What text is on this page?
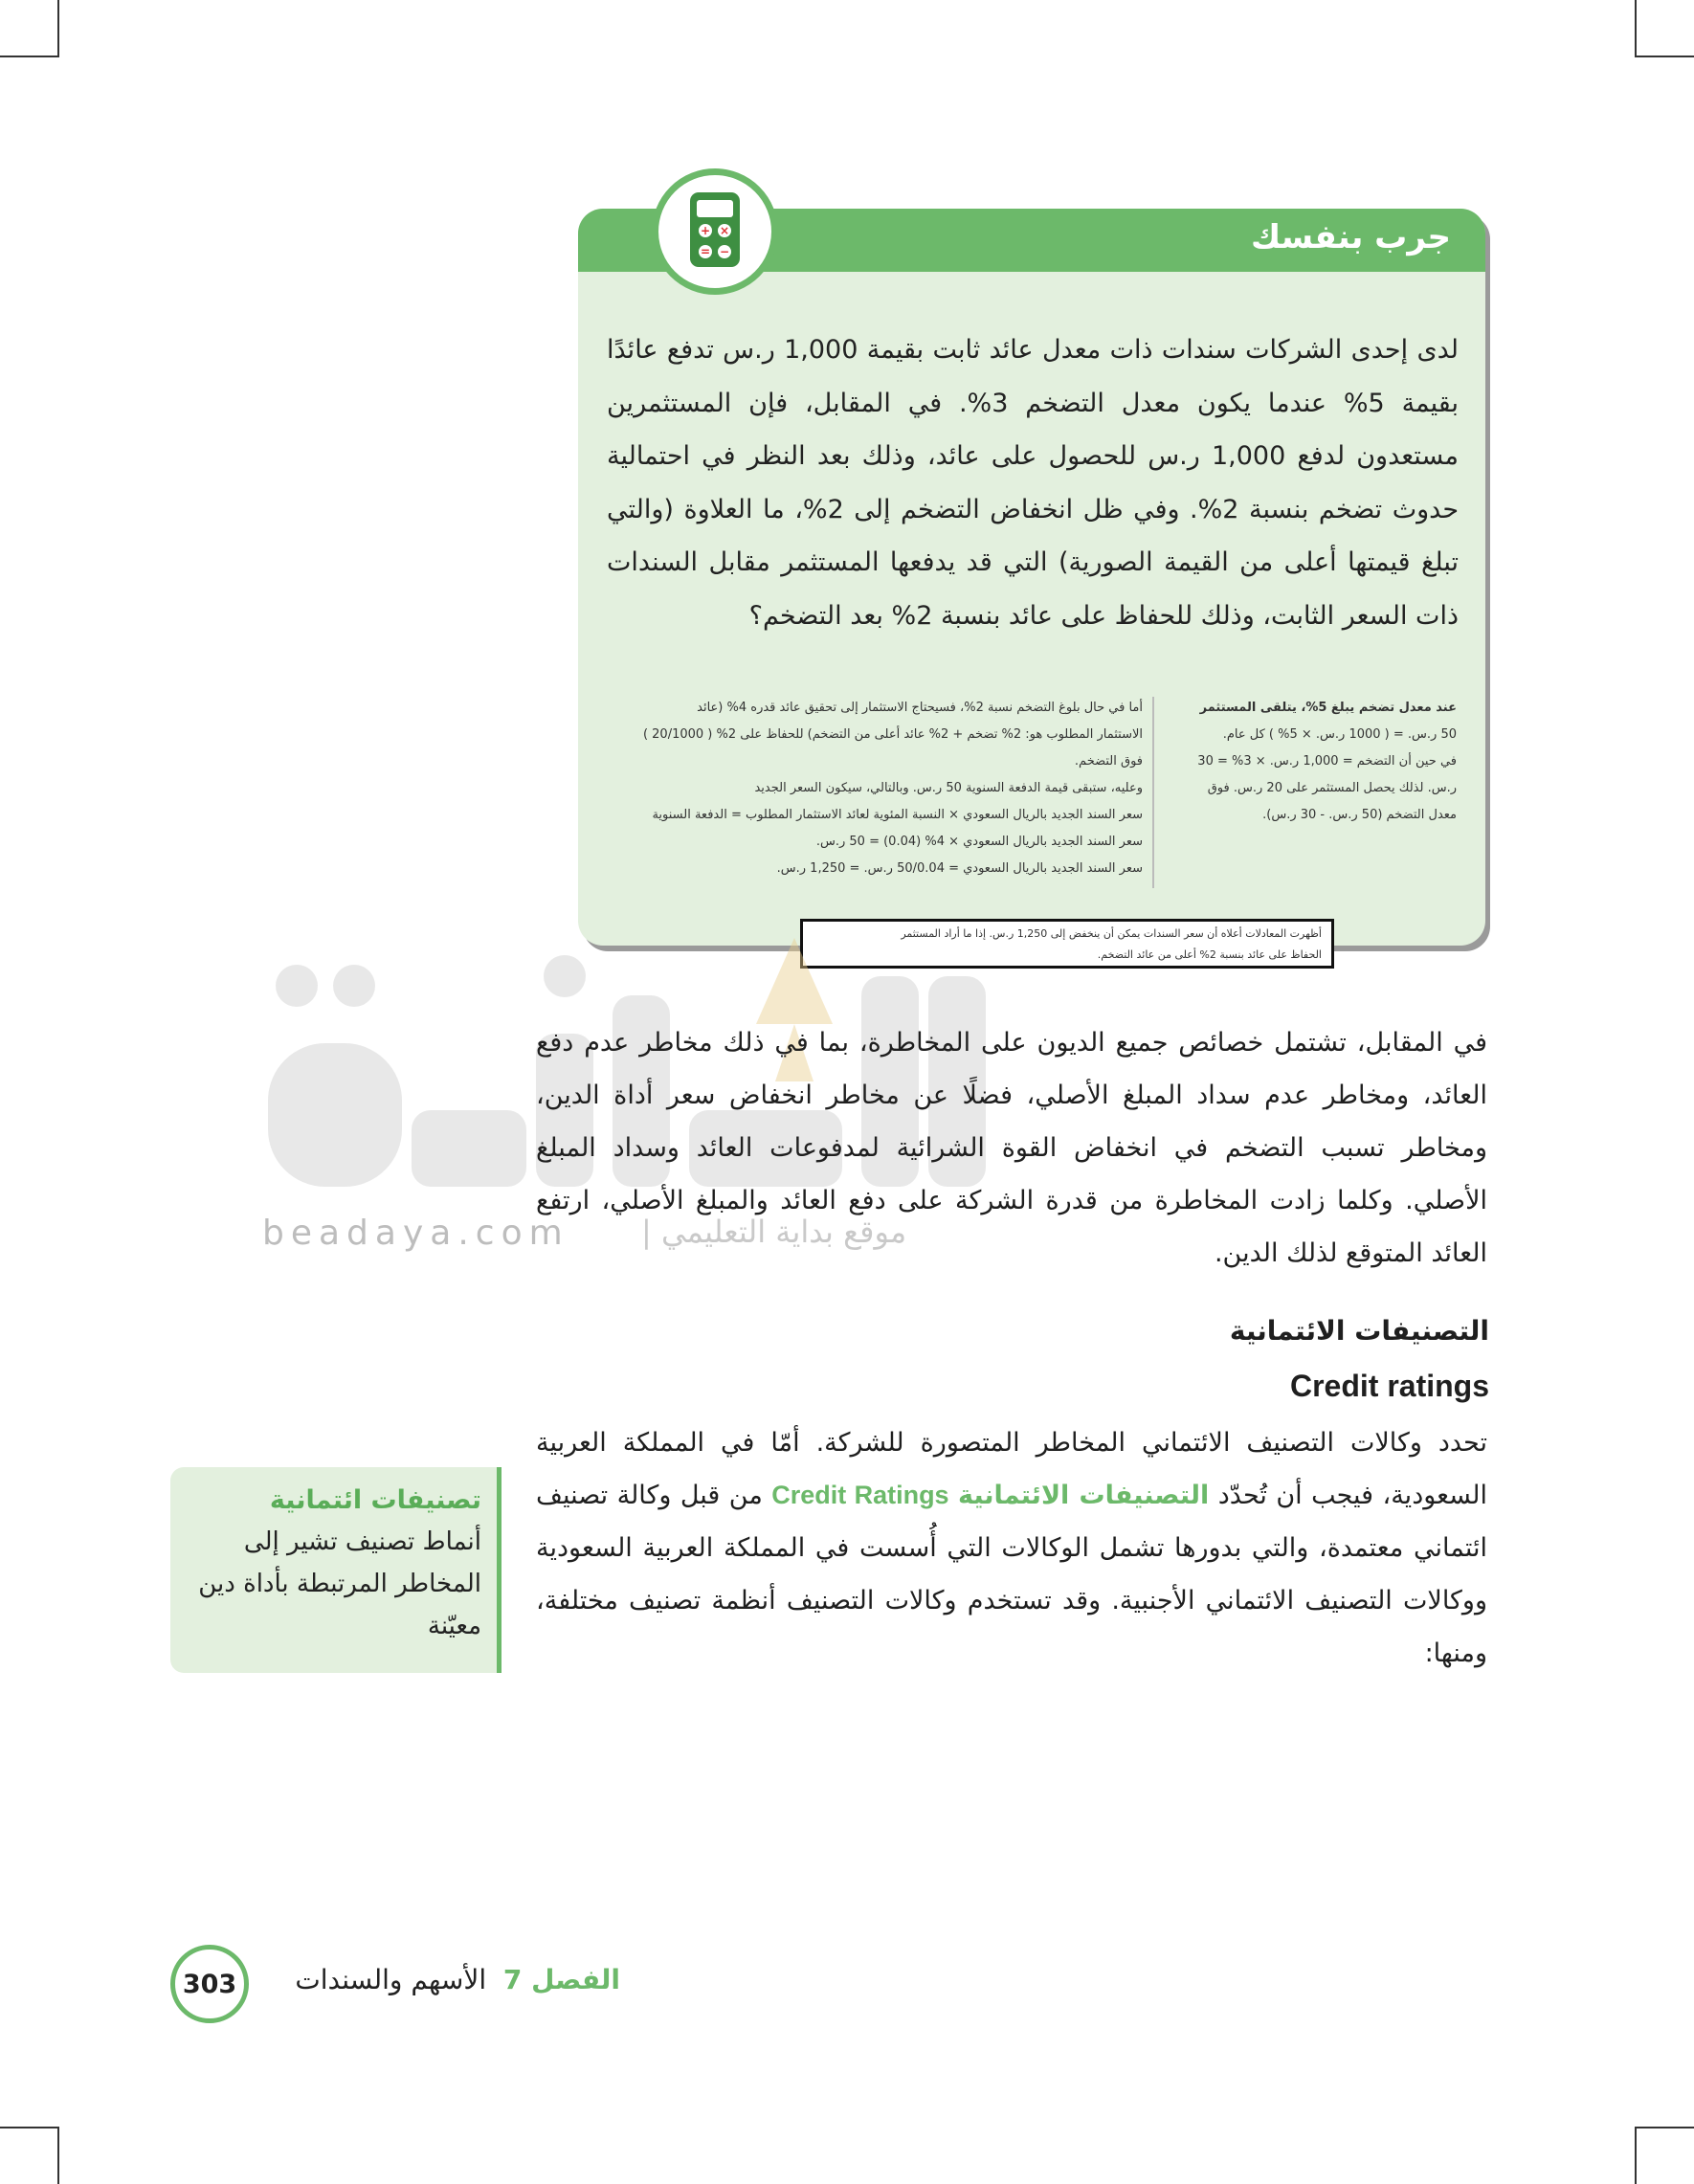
جرب بنفسك
+ ×
= −
لدى إحدى الشركات سندات ذات معدل عائد ثابت بقيمة 1,000 ر.س تدفع عائدًا بقيمة 5% عندما يكون معدل التضخم 3%. في المقابل، فإن المستثمرين مستعدون لدفع 1,000 ر.س للحصول على عائد، وذلك بعد النظر في احتمالية حدوث تضخم بنسبة 2%. وفي ظل انخفاض التضخم إلى 2%، ما العلاوة (والتي تبلغ قيمتها أعلى من القيمة الصورية) التي قد يدفعها المستثمر مقابل السندات ذات السعر الثابت، وذلك للحفاظ على عائد بنسبة 2% بعد التضخم؟

عند معدل تضخم يبلغ 5%، يتلقى المستثمر

50 ر.س. = ( 1000 ر.س. × 5% ) كل عام.

في حين أن التضخم = 1,000 ر.س. × 3% = 30

ر.س. لذلك يحصل المستثمر على 20 ر.س. فوق

معدل التضخم (50 ر.س. - 30 ر.س).

أما في حال بلوغ التضخم نسبة 2%، فسيحتاج الاستثمار إلى تحقيق عائد قدره 4% (عائد

الاستثمار المطلوب هو: 2% تضخم + 2% عائد أعلى من التضخم) للحفاظ على 2% ( 20/1000 )

فوق التضخم.

وعليه، ستبقى قيمة الدفعة السنوية 50 ر.س. وبالتالي، سيكون السعر الجديد

سعر السند الجديد بالريال السعودي × النسبة المئوية لعائد الاستثمار المطلوب = الدفعة السنوية

سعر السند الجديد بالريال السعودي × 4% (0.04) = 50 ر.س.

سعر السند الجديد بالريال السعودي = 50/0.04 ر.س. = 1,250 ر.س.

أظهرت المعادلات أعلاه أن سعر السندات يمكن أن ينخفض إلى 1,250 ر.س. إذا ما أراد المستثمر

الحفاظ على عائد بنسبة 2% أعلى من عائد التضخم.

beadaya.com موقع بداية التعليمي |
في المقابل، تشتمل خصائص جميع الديون على المخاطرة، بما في ذلك مخاطر عدم دفع العائد، ومخاطر عدم سداد المبلغ الأصلي، فضلًا عن مخاطر انخفاض سعر أداة الدين، ومخاطر تسبب التضخم في انخفاض القوة الشرائية لمدفوعات العائد وسداد المبلغ الأصلي. وكلما زادت المخاطرة من قدرة الشركة على دفع العائد والمبلغ الأصلي، ارتفع العائد المتوقع لذلك الدين.
التصنيفات الائتمانية
Credit ratings
تحدد وكالات التصنيف الائتماني المخاطر المتصورة للشركة. أمّا في المملكة العربية السعودية، فيجب أن تُحدّد التصنيفات الائتمانية Credit Ratings من قبل وكالة تصنيف ائتماني معتمدة، والتي بدورها تشمل الوكالات التي أُسست في المملكة العربية السعودية ووكالات التصنيف الائتماني الأجنبية. وقد تستخدم وكالات التصنيف أنظمة تصنيف مختلفة، ومنها:
تصنيفات ائتمانية
أنماط تصنيف تشير إلى المخاطر المرتبطة بأداة دين معيّنة
الفصل 7  الأسهم والسندات
303
